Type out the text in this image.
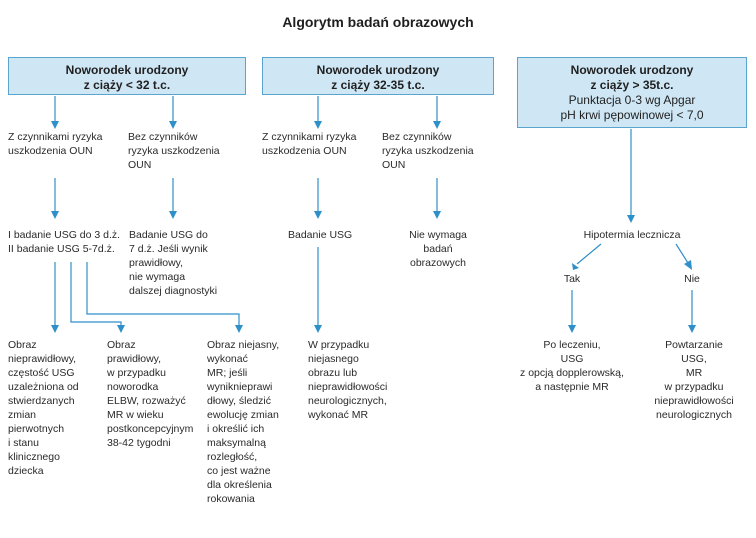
Algorytm badań obrazowych
Noworodek urodzony
z ciąży < 32 t.c.
Noworodek urodzony
z ciąży 32-35 t.c.
Noworodek urodzony
z ciąży > 35t.c.
Punktacja 0-3 wg Apgar
pH krwi pępowinowej < 7,0
Z czynnikami ryzyka
uszkodzenia OUN
Bez czynników
ryzyka uszkodzenia
OUN
I badanie USG do 3 d.ż.
II badanie USG 5-7d.ż.
Badanie USG do
7 d.ż. Jeśli wynik
prawidłowy,
nie wymaga
dalszej diagnostyki
Obraz
nieprawidłowy,
częstość USG
uzależniona od
stwierdzanych
zmian
pierwotnych
i stanu
klinicznego
dziecka
Obraz
prawidłowy,
w przypadku
noworodka
ELBW, rozważyć
MR w wieku
postkoncepcyjnym
38-42 tygodni
Obraz niejasny,
wykonać
MR; jeśli
wyniknieprawi
dłowy, śledzić
ewolucję zmian
i określić ich
maksymalną
rozległość,
co jest ważne
dla określenia
rokowania
Z czynnikami ryzyka
uszkodzenia OUN
Bez czynników
ryzyka uszkodzenia
OUN
Badanie USG	Nie wymaga
badań
obrazowych
W przypadku
niejasnego
obrazu lub
nieprawidłowości
neurologicznych,
wykonać MR
Hipotermia lecznicza
Tak	Nie
Po leczeniu,
USG
z opcją dopplerowską,
a następnie MR
Powtarzanie
USG,
MR
w przypadku
nieprawidłowości
neurologicznych
